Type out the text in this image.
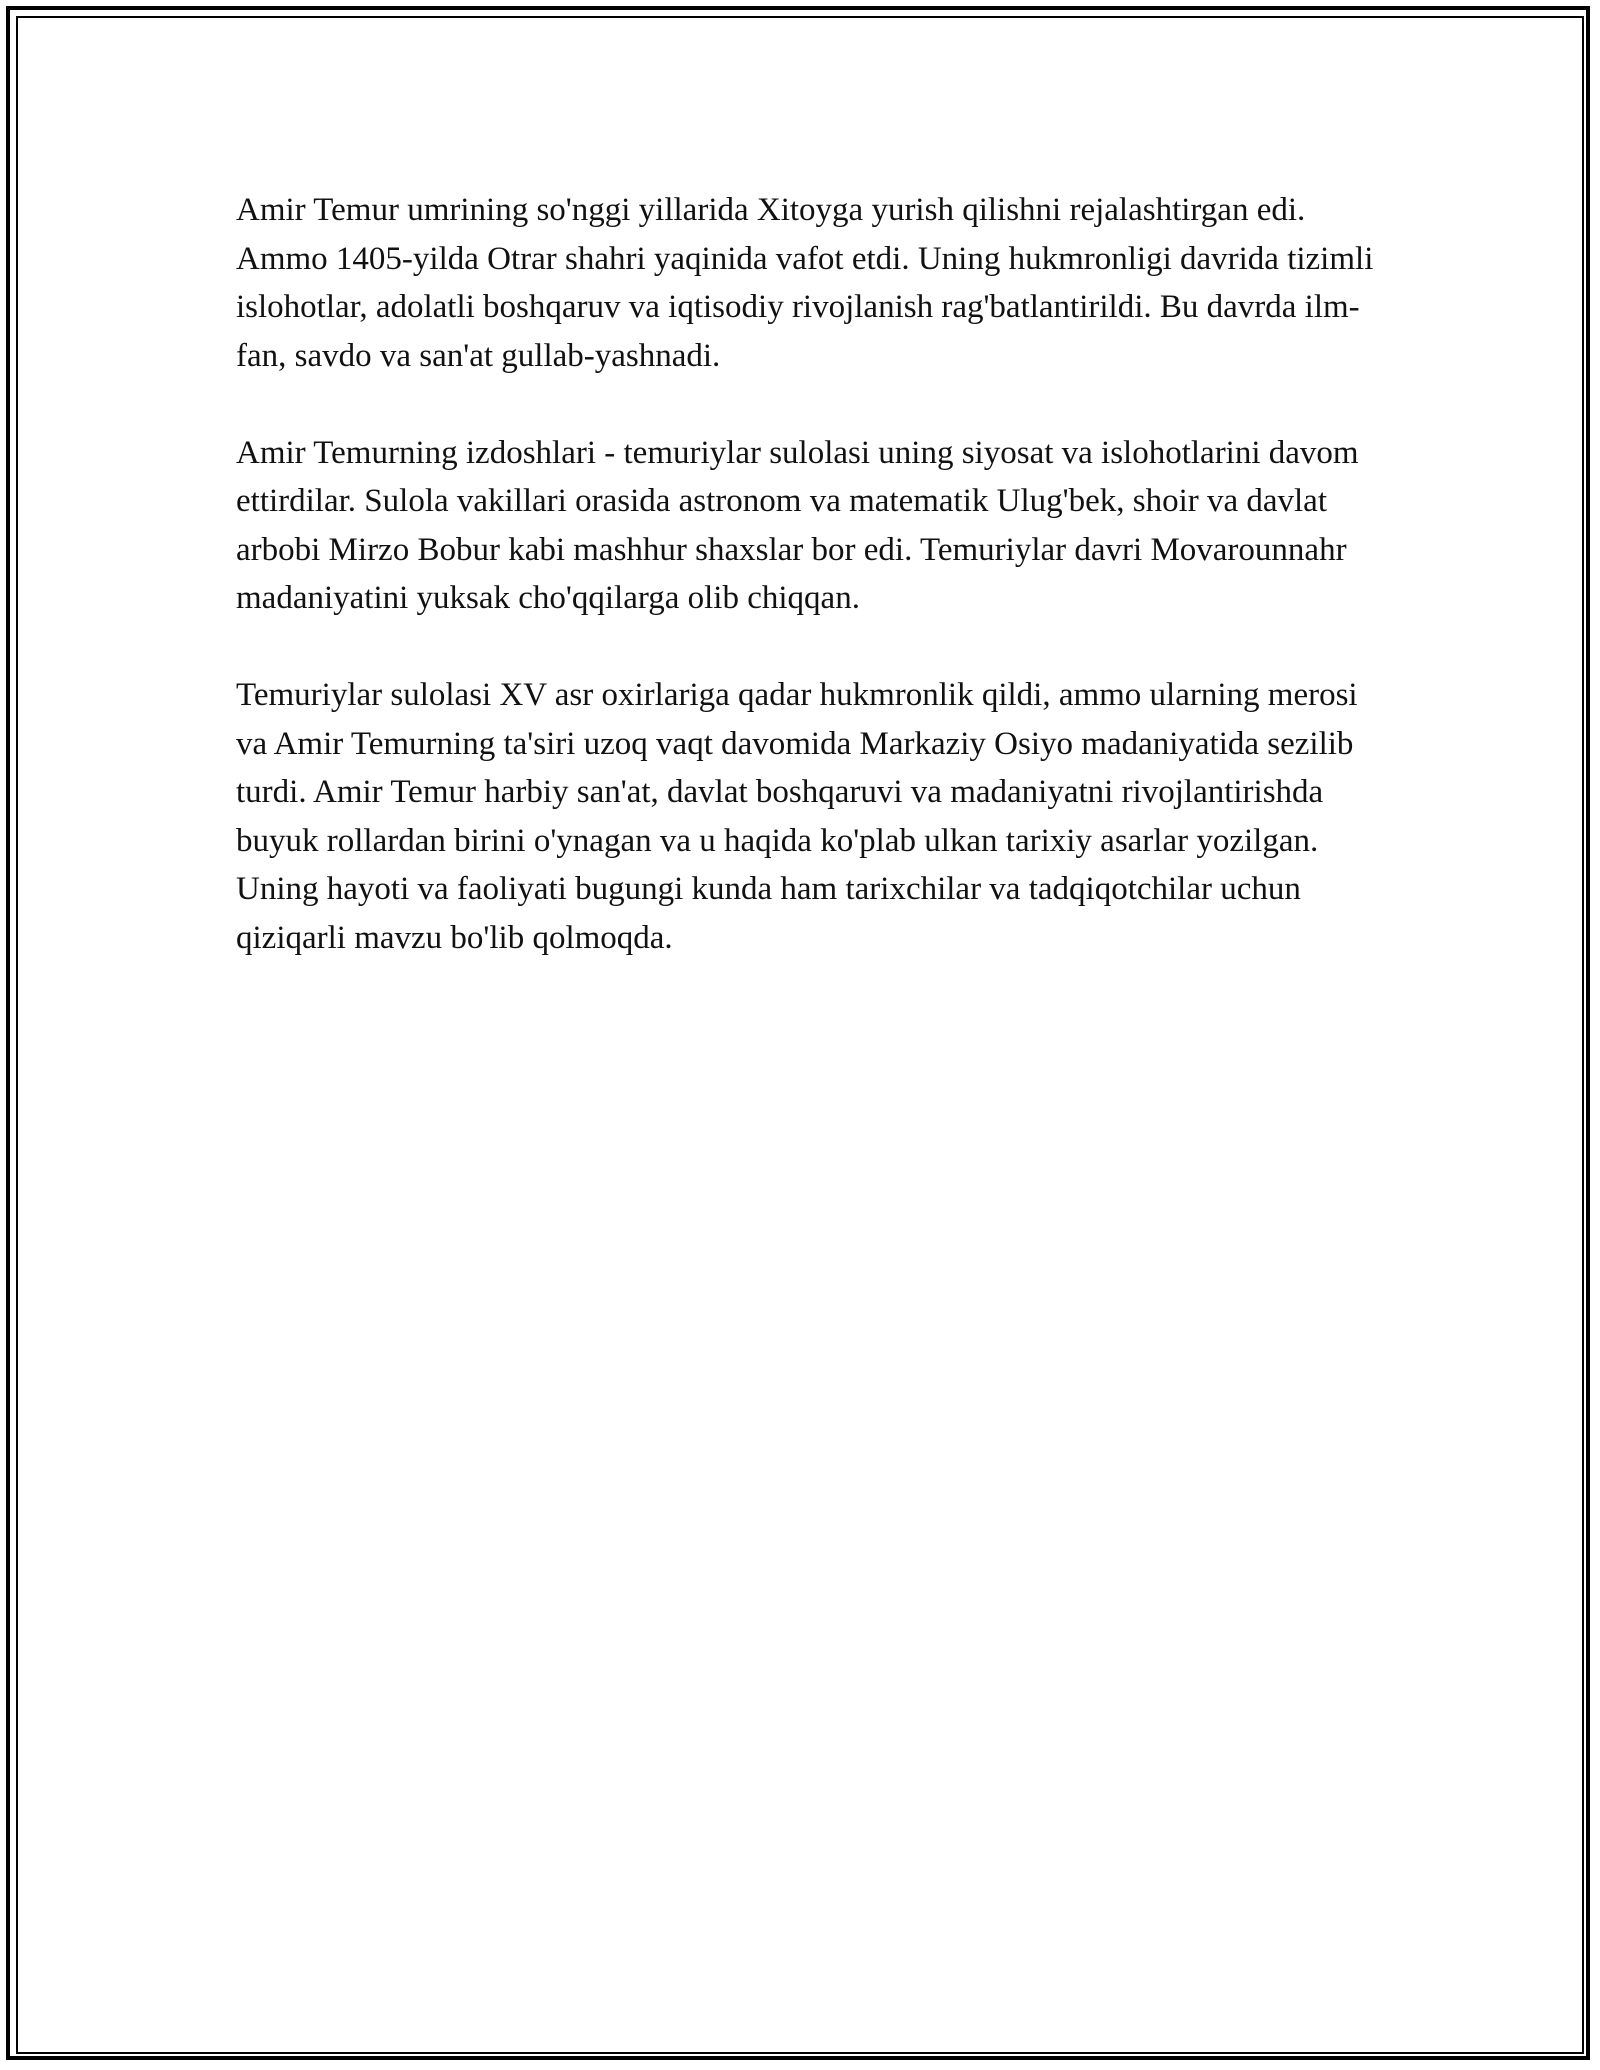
Amir Temur umrining so'nggi yillarida Xitoyga yurish qilishni rejalashtirgan edi. Ammo 1405-yilda Otrar shahri yaqinida vafot etdi. Uning hukmronligi davrida tizimli islohotlar, adolatli boshqaruv va iqtisodiy rivojlanish rag'batlantirildi. Bu davrda ilm-fan, savdo va san'at gullab-yashnadi.

Amir Temurning izdoshlari - temuriylar sulolasi uning siyosat va islohotlarini davom ettirdilar. Sulola vakillari orasida astronom va matematik Ulug'bek, shoir va davlat arbobi Mirzo Bobur kabi mashhur shaxslar bor edi. Temuriylar davri Movarounnahr madaniyatini yuksak cho'qqilarga olib chiqqan.

Temuriylar sulolasi XV asr oxirlariga qadar hukmronlik qildi, ammo ularning merosi va Amir Temurning ta'siri uzoq vaqt davomida Markaziy Osiyo madaniyatida sezilib turdi. Amir Temur harbiy san'at, davlat boshqaruvi va madaniyatni rivojlantirishda buyuk rollardan birini o'ynagan va u haqida ko'plab ulkan tarixiy asarlar yozilgan. Uning hayoti va faoliyati bugungi kunda ham tarixchilar va tadqiqotchilar uchun qiziqarli mavzu bo'lib qolmoqda.
